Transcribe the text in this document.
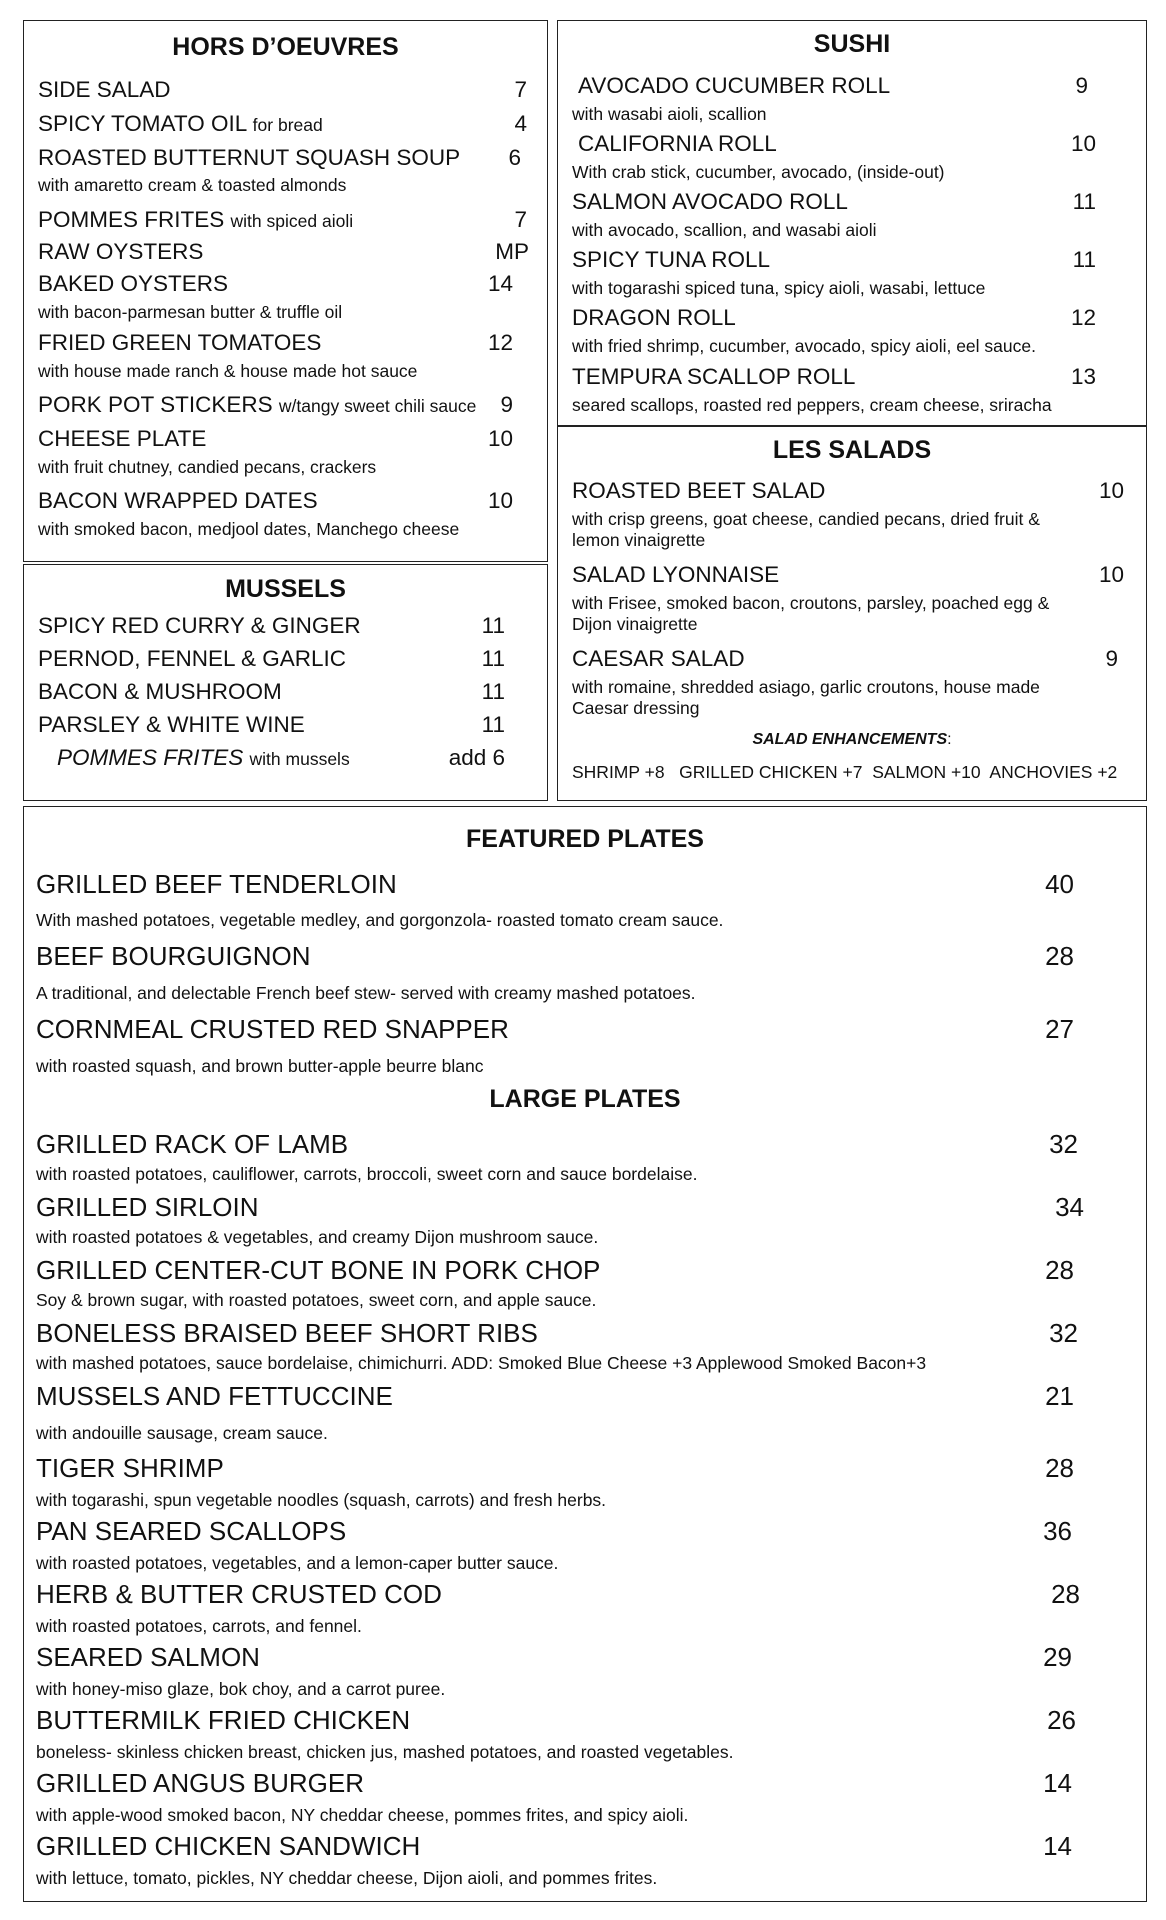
HORS D’OEUVRES
SIDE SALAD	7
SPICY TOMATO OIL for bread	4
ROASTED BUTTERNUT SQUASH SOUP 6
with amaretto cream & toasted almonds
POMMES FRITES with spiced aioli	7
RAW OYSTERS	MP
BAKED OYSTERS	14
with bacon-parmesan butter & truffle oil
FRIED GREEN TOMATOES	12
with house made ranch & house made hot sauce
PORK POT STICKERS w/tangy sweet chili sauce 9
CHEESE PLATE	10
with fruit chutney, candied pecans, crackers
BACON WRAPPED DATES	10
with smoked bacon, medjool dates, Manchego cheese
MUSSELS
SPICY RED CURRY & GINGER	11
PERNOD, FENNEL & GARLIC	11
BACON & MUSHROOM	11
PARSLEY & WHITE WINE	11
POMMES FRITES with mussels	add 6
SUSHI
AVOCADO CUCUMBER ROLL	9
with wasabi aioli, scallion
CALIFORNIA ROLL	10
With crab stick, cucumber, avocado, (inside-out)
SALMON AVOCADO ROLL	11
with avocado, scallion, and wasabi aioli
SPICY TUNA ROLL	11
with togarashi spiced tuna, spicy aioli, wasabi, lettuce
DRAGON ROLL	12
with fried shrimp, cucumber, avocado, spicy aioli, eel sauce.
TEMPURA SCALLOP ROLL	13
seared scallops, roasted red peppers, cream cheese, sriracha
LES SALADS
ROASTED BEET SALAD	10
with crisp greens, goat cheese, candied pecans, dried fruit &
lemon vinaigrette
SALAD LYONNAISE	10
with Frisee, smoked bacon, croutons, parsley, poached egg &
Dijon vinaigrette
CAESAR SALAD	9
with romaine, shredded asiago, garlic croutons, house made
Caesar dressing
SALAD ENHANCEMENTS:
SHRIMP +8   GRILLED CHICKEN +7  SALMON +10  ANCHOVIES +2
FEATURED PLATES
GRILLED BEEF TENDERLOIN	40
With mashed potatoes, vegetable medley, and gorgonzola- roasted tomato cream sauce.
BEEF BOURGUIGNON	28
A traditional, and delectable French beef stew- served with creamy mashed potatoes.
CORNMEAL CRUSTED RED SNAPPER	27
with roasted squash, and brown butter-apple beurre blanc
LARGE PLATES
GRILLED RACK OF LAMB	32
with roasted potatoes, cauliflower, carrots, broccoli, sweet corn and sauce bordelaise.
GRILLED SIRLOIN	34
with roasted potatoes & vegetables, and creamy Dijon mushroom sauce.
GRILLED CENTER-CUT BONE IN PORK CHOP	28
Soy & brown sugar, with roasted potatoes, sweet corn, and apple sauce.
BONELESS BRAISED BEEF SHORT RIBS	32
with mashed potatoes, sauce bordelaise, chimichurri. ADD: Smoked Blue Cheese +3 Applewood Smoked Bacon+3
MUSSELS AND FETTUCCINE	21
with andouille sausage, cream sauce.
TIGER SHRIMP	28
with togarashi, spun vegetable noodles (squash, carrots) and fresh herbs.
PAN SEARED SCALLOPS	36
with roasted potatoes, vegetables, and a lemon-caper butter sauce.
HERB & BUTTER CRUSTED COD	28
with roasted potatoes, carrots, and fennel.
SEARED SALMON	29
with honey-miso glaze, bok choy, and a carrot puree.
BUTTERMILK FRIED CHICKEN	26
boneless- skinless chicken breast, chicken jus, mashed potatoes, and roasted vegetables.
GRILLED ANGUS BURGER	14
with apple-wood smoked bacon, NY cheddar cheese, pommes frites, and spicy aioli.
GRILLED CHICKEN SANDWICH	14
with lettuce, tomato, pickles, NY cheddar cheese, Dijon aioli, and pommes frites.
